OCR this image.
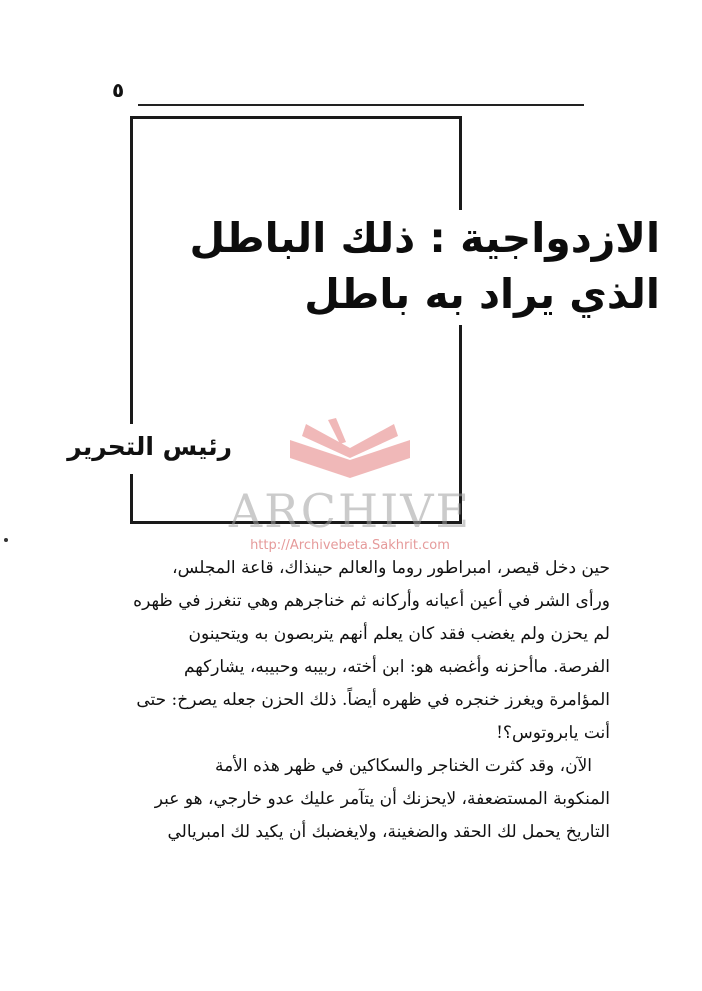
٥
الازدواجية : ذلك الباطل
الذي يراد به باطل
رئيس التحرير
ARCHIVE
http://Archivebeta.Sakhrit.com
حين دخل قيصر، امبراطور روما والعالم حينذاك، قاعة المجلس،
ورأى الشر في أعين أعيانه وأركانه ثم خناجرهم وهي تنغرز في ظهره
لم يحزن ولم يغضب فقد كان يعلم أنهم يتربصون به ويتحينون
الفرصة. ماأحزنه وأغضبه هو: ابن أخته، ربيبه وحبيبه، يشاركهم
المؤامرة ويغرز خنجره في ظهره أيضاً. ذلك الحزن جعله يصرخ: حتى
أنت يابروتوس؟!
الآن، وقد كثرت الخناجر والسكاكين في ظهر هذه الأمة
المنكوبة المستضعفة، لايحزنك أن يتآمر عليك عدو خارجي، هو عبر
التاريخ يحمل لك الحقد والضغينة، ولايغضبك أن يكيد لك امبريالي
